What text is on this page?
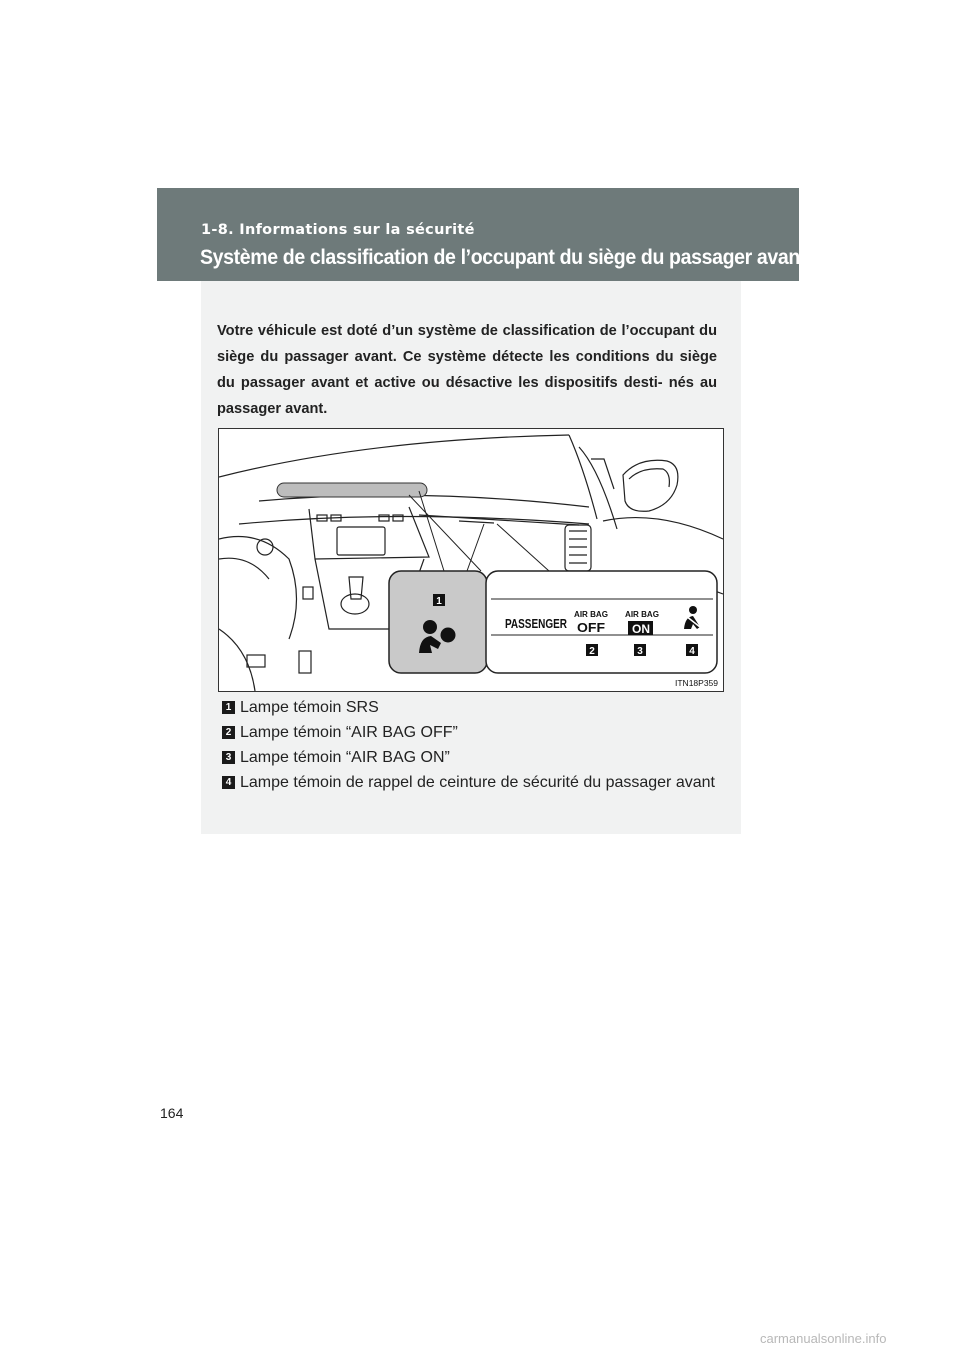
1-8. Informations sur la sécurité
Système de classification de l’occupant du siège du passager avant

Votre véhicule est doté d’un système de classification de l’occupant du siège du passager avant. Ce système détecte les conditions du siège du passager avant et active ou désactive les dispositifs desti- nés au passager avant.

PASSENGER
AIR BAG
OFF
AIR BAG
ON
1
2	3	4
ITN18P359
1 Lampe témoin SRS
2 Lampe témoin “AIR BAG OFF”
3 Lampe témoin “AIR BAG ON”
4 Lampe témoin de rappel de ceinture de sécurité du passager avant
164
carmanualsonline.info
